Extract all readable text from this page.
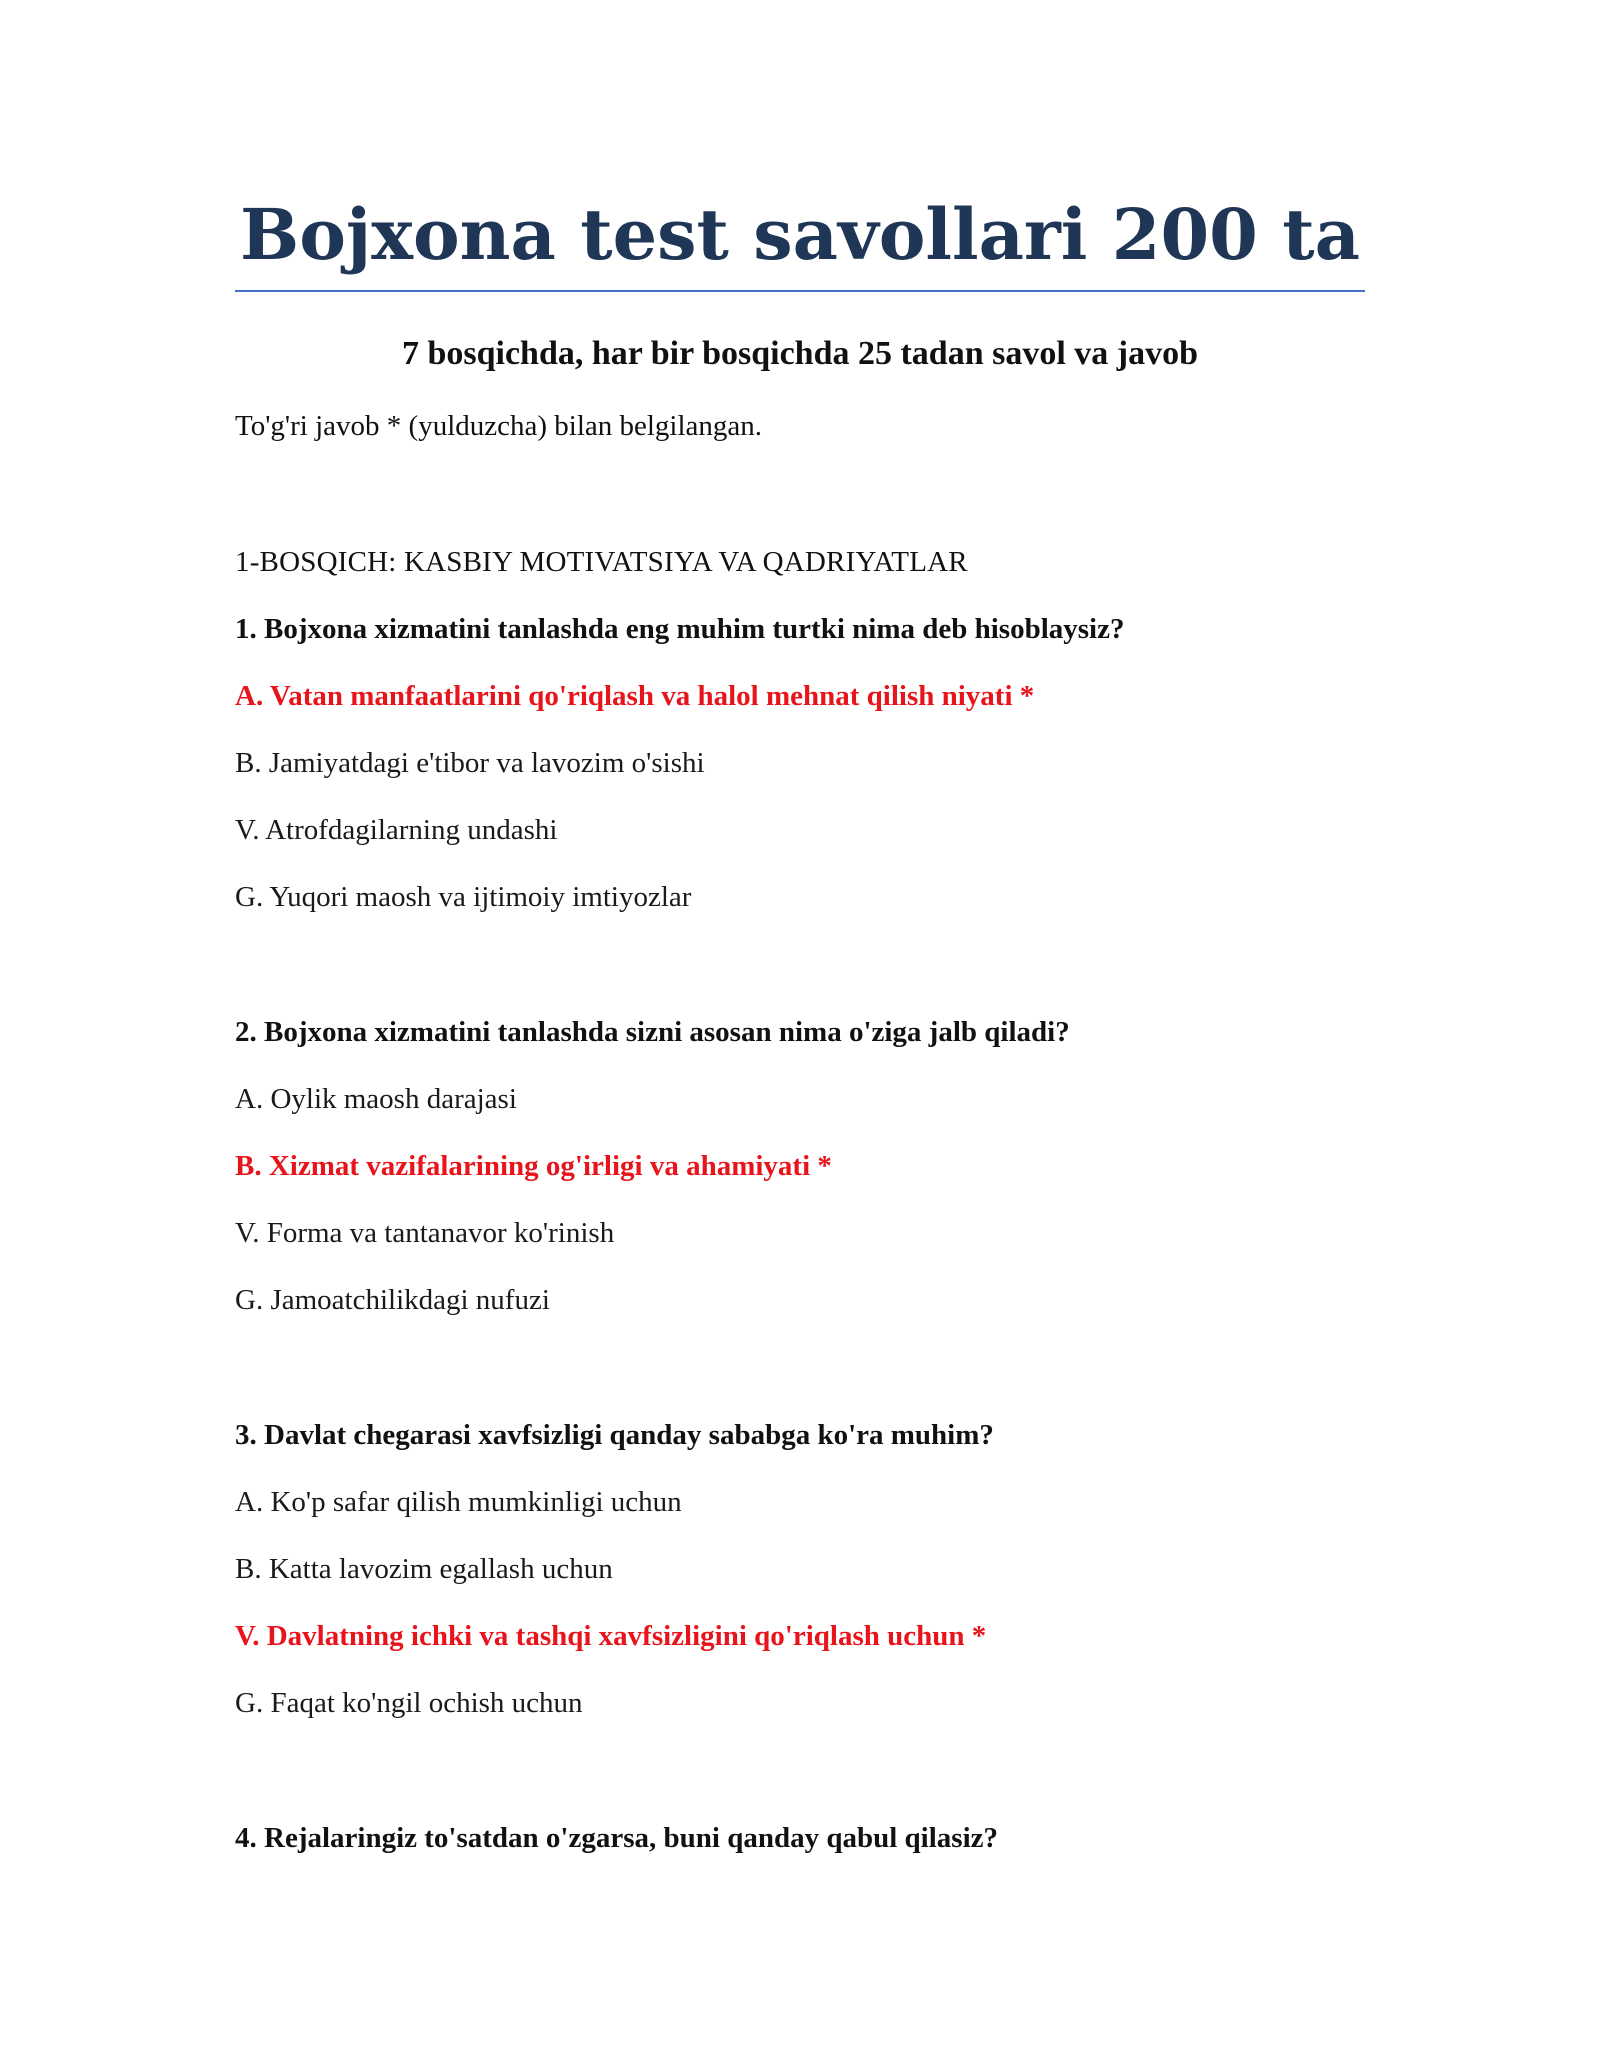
Bojxona test savollari 200 ta
7 bosqichda, har bir bosqichda 25 tadan savol va javob
To'g'ri javob * (yulduzcha) bilan belgilangan.
1-BOSQICH: KASBIY MOTIVATSIYA VA QADRIYATLAR
1. Bojxona xizmatini tanlashda eng muhim turtki nima deb hisoblaysiz?
A. Vatan manfaatlarini qo'riqlash va halol mehnat qilish niyati *
B. Jamiyatdagi e'tibor va lavozim o'sishi
V. Atrofdagilarning undashi
G. Yuqori maosh va ijtimoiy imtiyozlar
2. Bojxona xizmatini tanlashda sizni asosan nima o'ziga jalb qiladi?
A. Oylik maosh darajasi
B. Xizmat vazifalarining og'irligi va ahamiyati *
V. Forma va tantanavor ko'rinish
G. Jamoatchilikdagi nufuzi
3. Davlat chegarasi xavfsizligi qanday sababga ko'ra muhim?
A. Ko'p safar qilish mumkinligi uchun
B. Katta lavozim egallash uchun
V. Davlatning ichki va tashqi xavfsizligini qo'riqlash uchun *
G. Faqat ko'ngil ochish uchun
4. Rejalaringiz to'satdan o'zgarsa, buni qanday qabul qilasiz?
